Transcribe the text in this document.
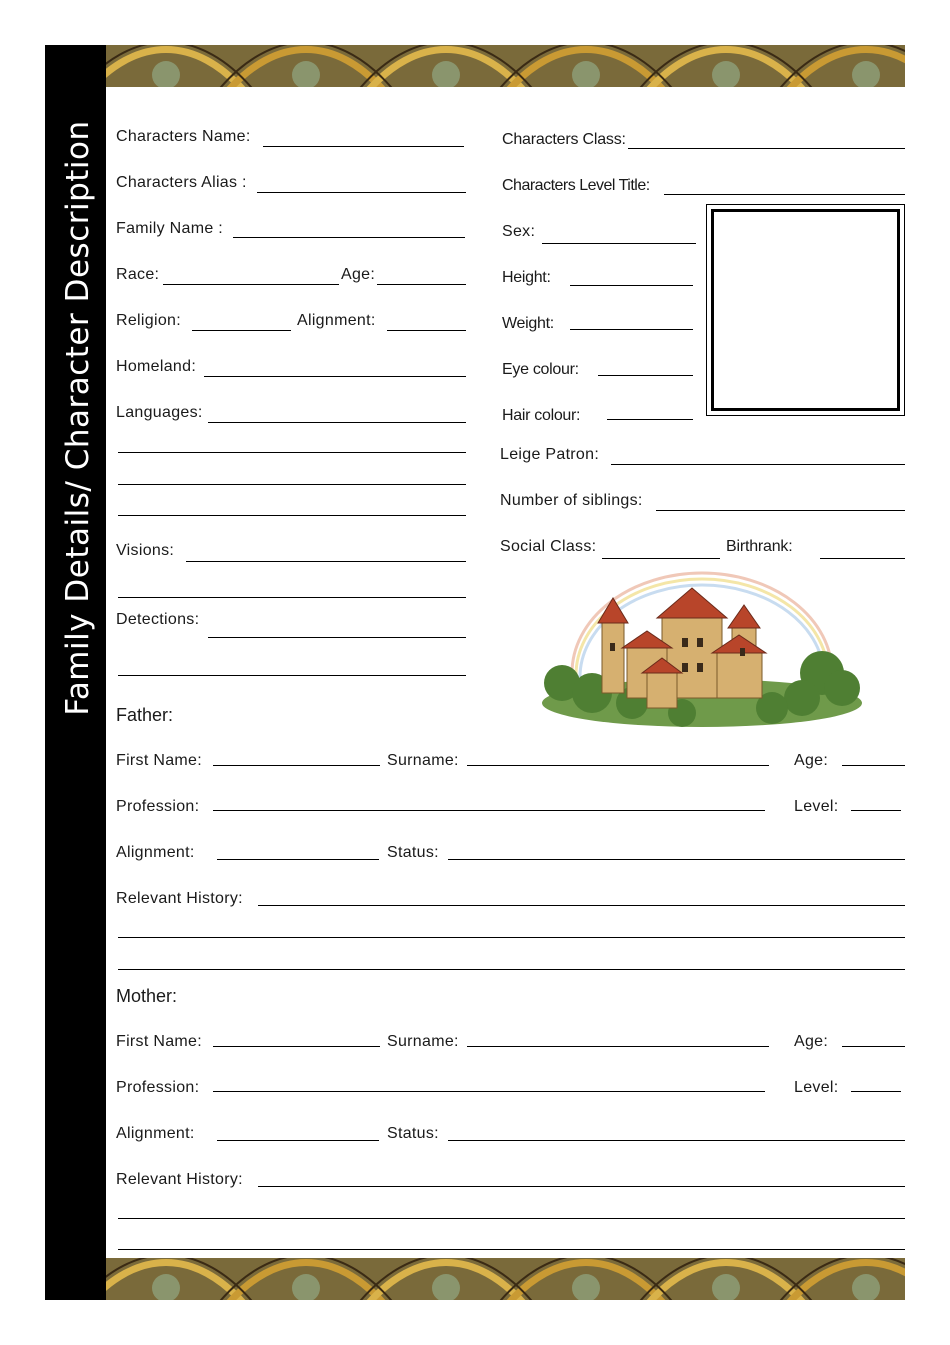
Family Details/ Character Description Characters Name:
Characters Alias :
Family Name :
Race:	Age:
Religion:	Alignment:
Homeland:
Languages:
Visions:
Detections:
Characters Class:
Characters Level Title:
Sex:
Height:
Weight:
Eye colour:
Hair colour:
Leige Patron:
Number of siblings:
Social Class:	Birthrank:
Father:
First Name:	Surname:	Age:
Profession:	Level:
Alignment:	Status:
Relevant History:
Mother:
First Name:	Surname:	Age:
Profession:	Level:
Alignment:	Status:
Relevant History:
